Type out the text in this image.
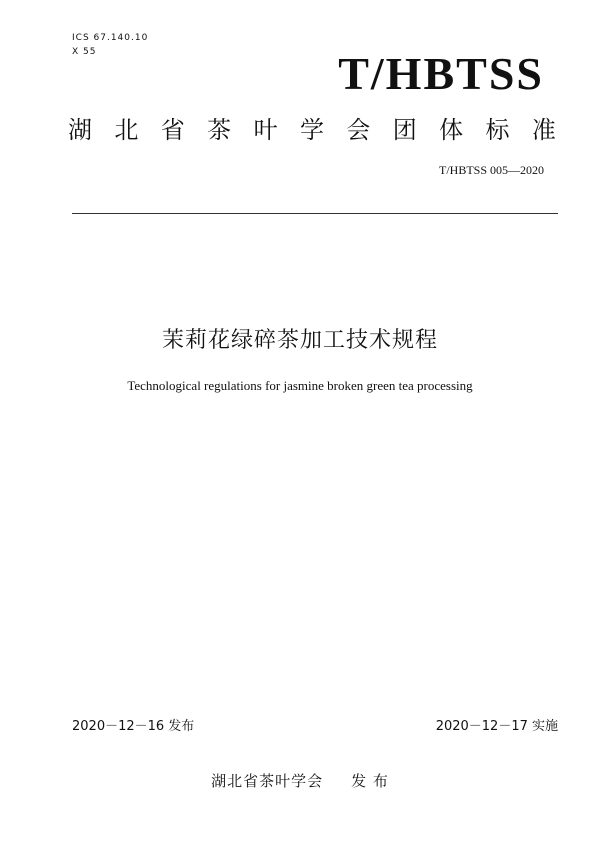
ICS 67.140.10
X 55	T/HBTSS
湖 北 省 茶 叶 学 会 团 体 标 准
T/HBTSS 005—2020
茉莉花绿碎茶加工技术规程
Technological regulations for jasmine broken green tea processing
2020－12－16 发布	2020－12－17 实施
湖北省茶叶学会 发 布
